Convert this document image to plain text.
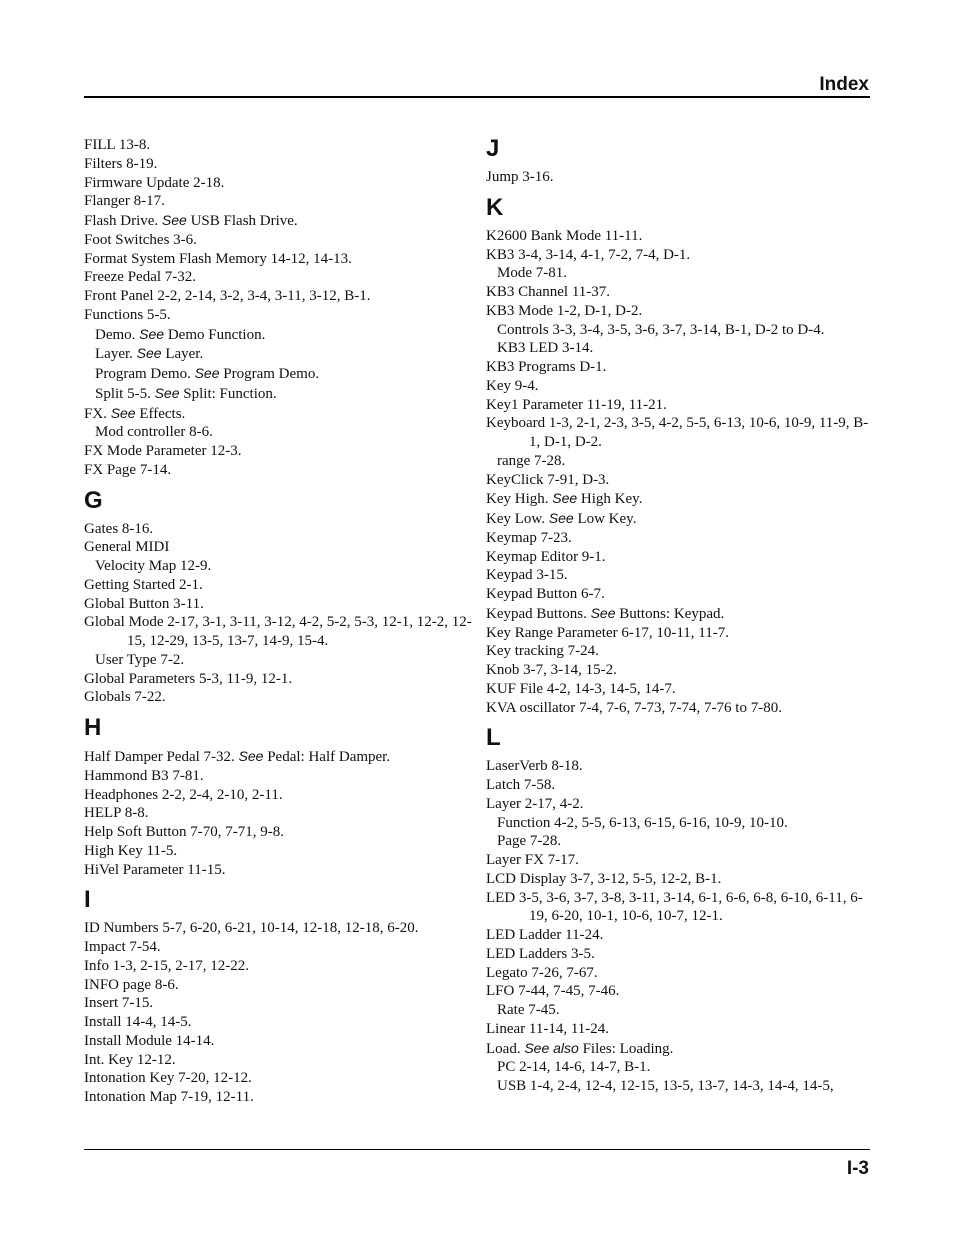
Index
FILL 13-8.
Filters 8-19.
Firmware Update 2-18.
Flanger 8-17.
Flash Drive. See USB Flash Drive.
Foot Switches 3-6.
Format System Flash Memory 14-12, 14-13.
Freeze Pedal 7-32.
Front Panel 2-2, 2-14, 3-2, 3-4, 3-11, 3-12, B-1.
Functions 5-5.
Demo. See Demo Function.
Layer. See Layer.
Program Demo. See Program Demo.
Split 5-5. See Split: Function.
FX. See Effects.
Mod controller 8-6.
FX Mode Parameter 12-3.
FX Page 7-14.
G
Gates 8-16.
General MIDI
Velocity Map 12-9.
Getting Started 2-1.
Global Button 3-11.
Global Mode 2-17, 3-1, 3-11, 3-12, 4-2, 5-2, 5-3, 12-1, 12-2, 12-15, 12-29, 13-5, 13-7, 14-9, 15-4.
User Type 7-2.
Global Parameters 5-3, 11-9, 12-1.
Globals 7-22.
H
Half Damper Pedal 7-32. See Pedal: Half Damper.
Hammond B3 7-81.
Headphones 2-2, 2-4, 2-10, 2-11.
HELP 8-8.
Help Soft Button 7-70, 7-71, 9-8.
High Key 11-5.
HiVel Parameter 11-15.
I
ID Numbers 5-7, 6-20, 6-21, 10-14, 12-18, 12-18, 6-20.
Impact 7-54.
Info 1-3, 2-15, 2-17, 12-22.
INFO page 8-6.
Insert 7-15.
Install 14-4, 14-5.
Install Module 14-14.
Int. Key 12-12.
Intonation Key 7-20, 12-12.
Intonation Map 7-19, 12-11.
J
Jump 3-16.
K
K2600 Bank Mode 11-11.
KB3 3-4, 3-14, 4-1, 7-2, 7-4, D-1.
Mode 7-81.
KB3 Channel 11-37.
KB3 Mode 1-2, D-1, D-2.
Controls 3-3, 3-4, 3-5, 3-6, 3-7, 3-14, B-1, D-2 to D-4.
KB3 LED 3-14.
KB3 Programs D-1.
Key 9-4.
Key1 Parameter 11-19, 11-21.
Keyboard 1-3, 2-1, 2-3, 3-5, 4-2, 5-5, 6-13, 10-6, 10-9, 11-9, B-1, D-1, D-2.
range 7-28.
KeyClick 7-91, D-3.
Key High. See High Key.
Key Low. See Low Key.
Keymap 7-23.
Keymap Editor 9-1.
Keypad 3-15.
Keypad Button 6-7.
Keypad Buttons. See Buttons: Keypad.
Key Range Parameter 6-17, 10-11, 11-7.
Key tracking 7-24.
Knob 3-7, 3-14, 15-2.
KUF File 4-2, 14-3, 14-5, 14-7.
KVA oscillator 7-4, 7-6, 7-73, 7-74, 7-76 to 7-80.
L
LaserVerb 8-18.
Latch 7-58.
Layer 2-17, 4-2.
Function 4-2, 5-5, 6-13, 6-15, 6-16, 10-9, 10-10.
Page 7-28.
Layer FX 7-17.
LCD Display 3-7, 3-12, 5-5, 12-2, B-1.
LED 3-5, 3-6, 3-7, 3-8, 3-11, 3-14, 6-1, 6-6, 6-8, 6-10, 6-11, 6-19, 6-20, 10-1, 10-6, 10-7, 12-1.
LED Ladder 11-24.
LED Ladders 3-5.
Legato 7-26, 7-67.
LFO 7-44, 7-45, 7-46.
Rate 7-45.
Linear 11-14, 11-24.
Load. See also Files: Loading.
PC 2-14, 14-6, 14-7, B-1.
USB 1-4, 2-4, 12-4, 12-15, 13-5, 13-7, 14-3, 14-4, 14-5,
I-3
